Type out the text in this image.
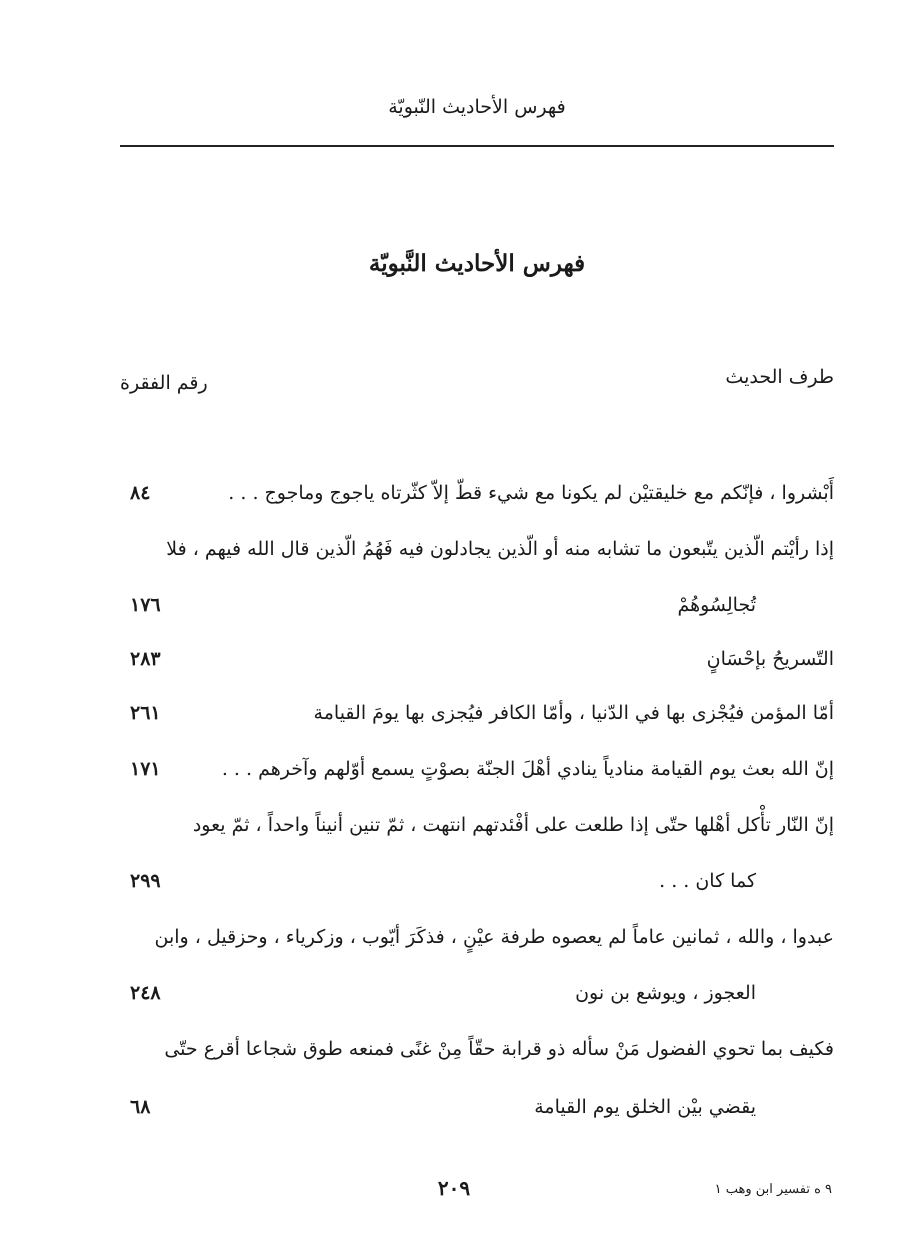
فهرس الأحاديث النّبويّة
فهرس الأحاديث النَّبويّة
طرف الحديث
رقم الفقرة
أَبْشروا ، فإنّكم مع خليقتيْن لم يكونا مع شيء قطّ إلاّ كثّرتاه ياجوج وماجوج . . .
٨٤
إذا رأيْتم الّذين يتّبعون ما تشابه منه أو الّذين يجادلون فيه فَهُمُ الّذين قال الله فيهم ، فلا
تُجالِسُوهُمْ
١٧٦
التّسريحُ بإحْسَانٍ
٢٨٣
أمّا المؤمن فيُجْزى بها في الدّنيا ، وأمّا الكافر فيُجزى بها يومَ القيامة
٢٦١
إنّ الله بعث يوم القيامة منادياً ينادي أهْلَ الجنّة بصوْتٍ يسمع أوّلهم وآخرهم . . .
١٧١
إنّ النّار تأْكل أهْلها حتّى إذا طلعت على أفْئدتهم انتهت ، ثمّ تنين أنيناً واحداً ، ثمّ يعود
كما كان . . .
٢٩٩
عبدوا ، والله ، ثمانين عاماً لم يعصوه طرفة عيْنٍ ، فذكَرَ أيّوب ، وزكرياء ، وحزقيل ، وابن
العجوز ، ويوشع بن نون
٢٤٨
فكيف بما تحوي الفضول مَنْ سأله ذو قرابة حقّاً مِنْ غنًى فمنعه طوق شجاعا أقرع حتّى
يقضي بيْن الخلق يوم القيامة
٦٨
٩ ه تفسير ابن وهب ١
٢٠٩
